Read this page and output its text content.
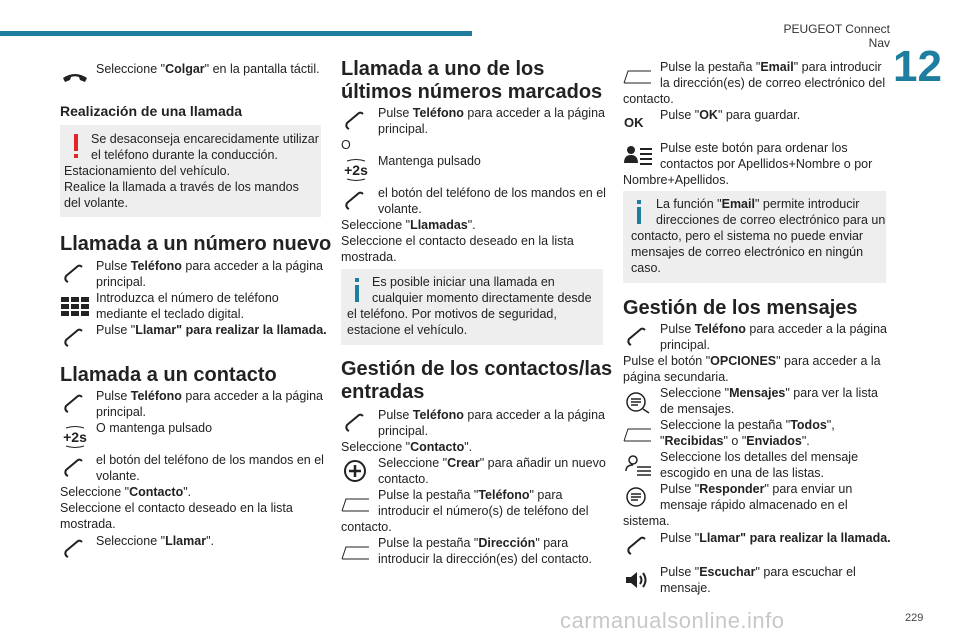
PEUGEOT Connect Nav 12
Seleccione "Colgar" en la pantalla táctil.
Realización de una llamada
Se desaconseja encarecidamente utilizar
el teléfono durante la conducción.
Estacionamiento del vehículo.
Realice la llamada a través de los mandos
del volante.
Llamada a un número nuevo
Pulse Teléfono para acceder a la página
principal.
Introduzca el número de teléfono
mediante el teclado digital.
Pulse "Llamar" para realizar la llamada.
Llamada a un contacto
Pulse Teléfono para acceder a la página
principal.
+2s
O mantenga pulsado
el botón del teléfono de los mandos en el
volante.
Seleccione "Contacto".
Seleccione el contacto deseado en la lista
mostrada.
Seleccione "Llamar".
Llamada a uno de los
últimos números marcados
Pulse Teléfono para acceder a la página
principal.
O
+2s
Mantenga pulsado
el botón del teléfono de los mandos en el
volante.
Seleccione "Llamadas".
Seleccione el contacto deseado en la lista
mostrada.
Es posible iniciar una llamada en
cualquier momento directamente desde
el teléfono. Por motivos de seguridad,
estacione el vehículo.
Gestión de los contactos/las
entradas
Pulse Teléfono para acceder a la página
principal.
Seleccione "Contacto".
Seleccione "Crear" para añadir un nuevo
contacto.
Pulse la pestaña "Teléfono" para
introducir el número(s) de teléfono del
contacto.
Pulse la pestaña "Dirección" para
introducir la dirección(es) del contacto.
Pulse la pestaña "Email" para introducir
la dirección(es) de correo electrónico del
contacto.
OK Pulse "OK" para guardar.
Pulse este botón para ordenar los
contactos por Apellidos+Nombre o por
Nombre+Apellidos.
La función "Email" permite introducir
direcciones de correo electrónico para un
contacto, pero el sistema no puede enviar
mensajes de correo electrónico en ningún
caso.
Gestión de los mensajes
Pulse Teléfono para acceder a la página
principal.
Pulse el botón "OPCIONES" para acceder a la
página secundaria.
Seleccione "Mensajes" para ver la lista
de mensajes.
Seleccione la pestaña "Todos",
"Recibidas" o "Enviados".
Seleccione los detalles del mensaje
escogido en una de las listas.
Pulse "Responder" para enviar un
mensaje rápido almacenado en el
sistema.
Pulse "Llamar" para realizar la llamada.
Pulse "Escuchar" para escuchar el
mensaje.
carmanualsonline.info	229
